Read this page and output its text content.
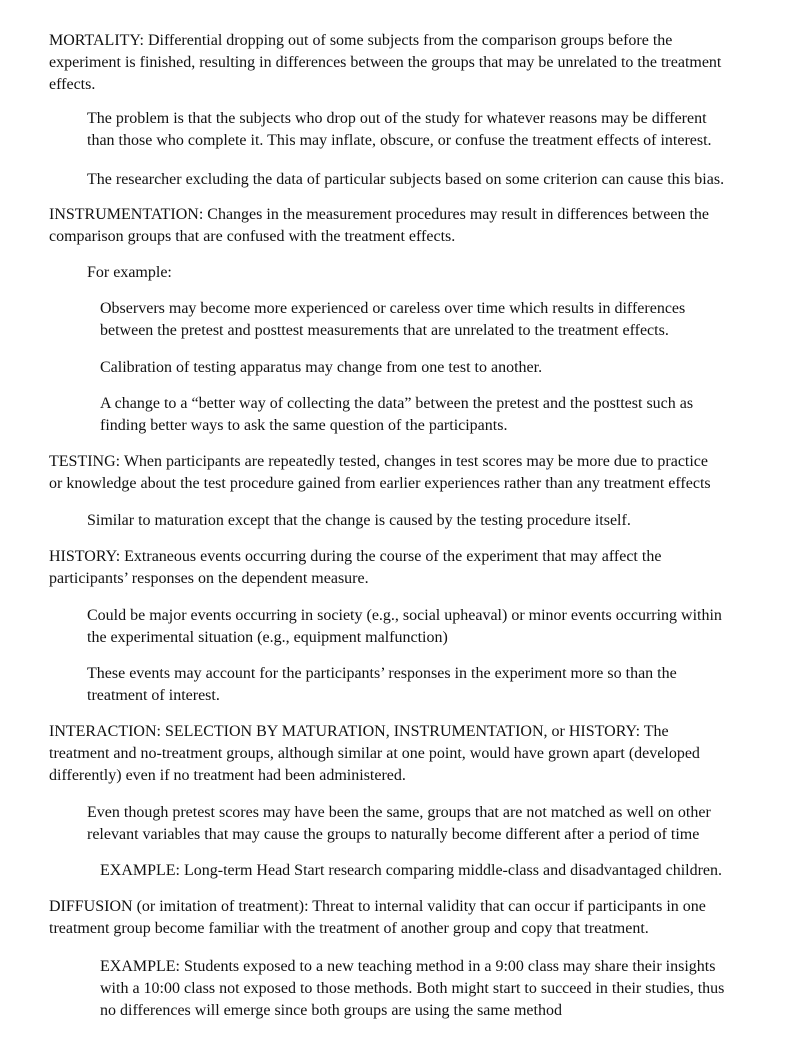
MORTALITY: Differential dropping out of some subjects from the comparison groups before the
experiment is finished, resulting in differences between the groups that may be unrelated to the treatment
effects.

The problem is that the subjects who drop out of the study for whatever reasons may be different
than those who complete it. This may inflate, obscure, or confuse the treatment effects of interest.

The researcher excluding the data of particular subjects based on some criterion can cause this bias.

INSTRUMENTATION: Changes in the measurement procedures may result in differences between the
comparison groups that are confused with the treatment effects.

For example:

Observers may become more experienced or careless over time which results in differences
between the pretest and posttest measurements that are unrelated to the treatment effects.

Calibration of testing apparatus may change from one test to another.

A change to a “better way of collecting the data” between the pretest and the posttest such as
finding better ways to ask the same question of the participants.

TESTING: When participants are repeatedly tested, changes in test scores may be more due to practice
or knowledge about the test procedure gained from earlier experiences rather than any treatment effects

Similar to maturation except that the change is caused by the testing procedure itself.

HISTORY: Extraneous events occurring during the course of the experiment that may affect the
participants’ responses on the dependent measure.

Could be major events occurring in society (e.g., social upheaval) or minor events occurring within
the experimental situation (e.g., equipment malfunction)

These events may account for the participants’ responses in the experiment more so than the
treatment of interest.

INTERACTION: SELECTION BY MATURATION, INSTRUMENTATION, or HISTORY: The
treatment and no-treatment groups, although similar at one point, would have grown apart (developed
differently) even if no treatment had been administered.

Even though pretest scores may have been the same, groups that are not matched as well on other
relevant variables that may cause the groups to naturally become different after a period of time

EXAMPLE: Long-term Head Start research comparing middle-class and disadvantaged children.

DIFFUSION (or imitation of treatment): Threat to internal validity that can occur if participants in one
treatment group become familiar with the treatment of another group and copy that treatment.

EXAMPLE: Students exposed to a new teaching method in a 9:00 class may share their insights
with a 10:00 class not exposed to those methods. Both might start to succeed in their studies, thus
no differences will emerge since both groups are using the same method
